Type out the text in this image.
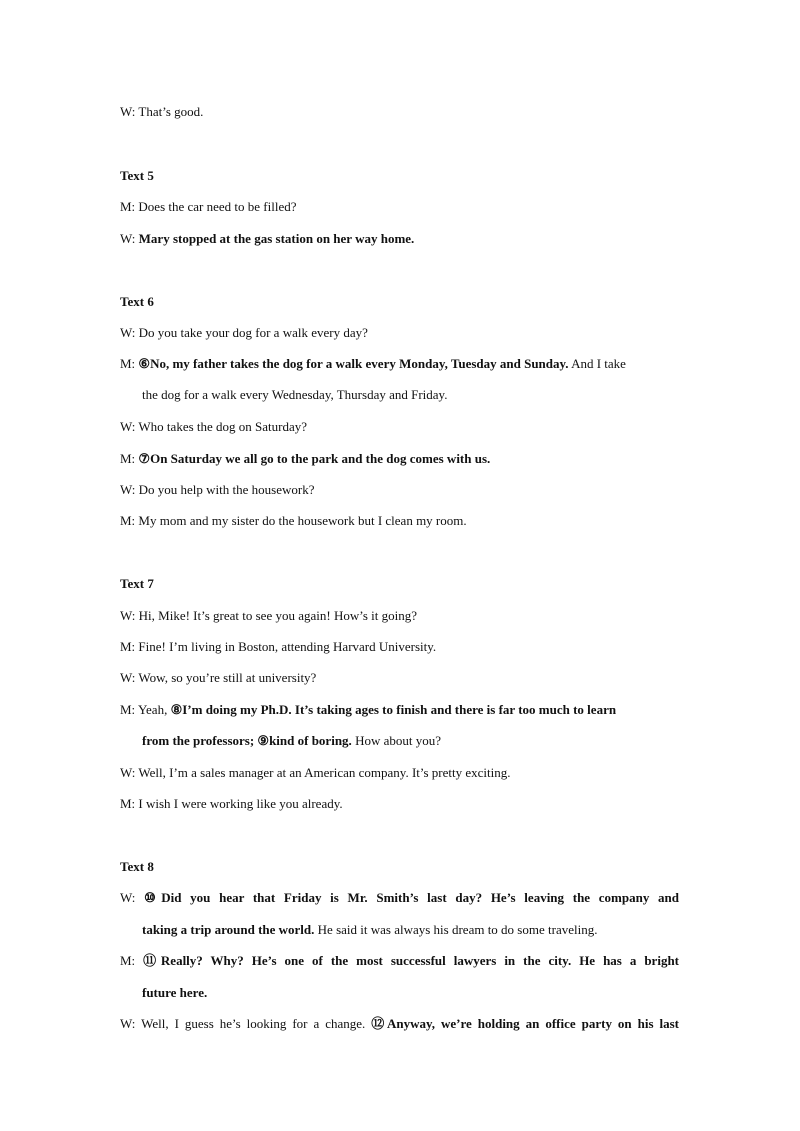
W: That’s good.
Text 5
M: Does the car need to be filled?
W: Mary stopped at the gas station on her way home.
Text 6
W: Do you take your dog for a walk every day?
M: ⑥No, my father takes the dog for a walk every Monday, Tuesday and Sunday. And I take
the dog for a walk every Wednesday, Thursday and Friday.
W: Who takes the dog on Saturday?
M: ⑦On Saturday we all go to the park and the dog comes with us.
W: Do you help with the housework?
M: My mom and my sister do the housework but I clean my room.
Text 7
W: Hi, Mike! It’s great to see you again! How’s it going?
M: Fine! I’m living in Boston, attending Harvard University.
W: Wow, so you’re still at university?
M: Yeah, ⑧I’m doing my Ph.D. It’s taking ages to finish and there is far too much to learn
from the professors; ⑨kind of boring. How about you?
W: Well, I’m a sales manager at an American company. It’s pretty exciting.
M: I wish I were working like you already.
Text 8
W: ⑩Did you hear that Friday is Mr. Smith’s last day? He’s leaving the company and
taking a trip around the world. He said it was always his dream to do some traveling.
M: ⑪Really? Why? He’s one of the most successful lawyers in the city. He has a bright
future here.
W: Well, I guess he’s looking for a change. ⑫Anyway, we’re holding an office party on his last
